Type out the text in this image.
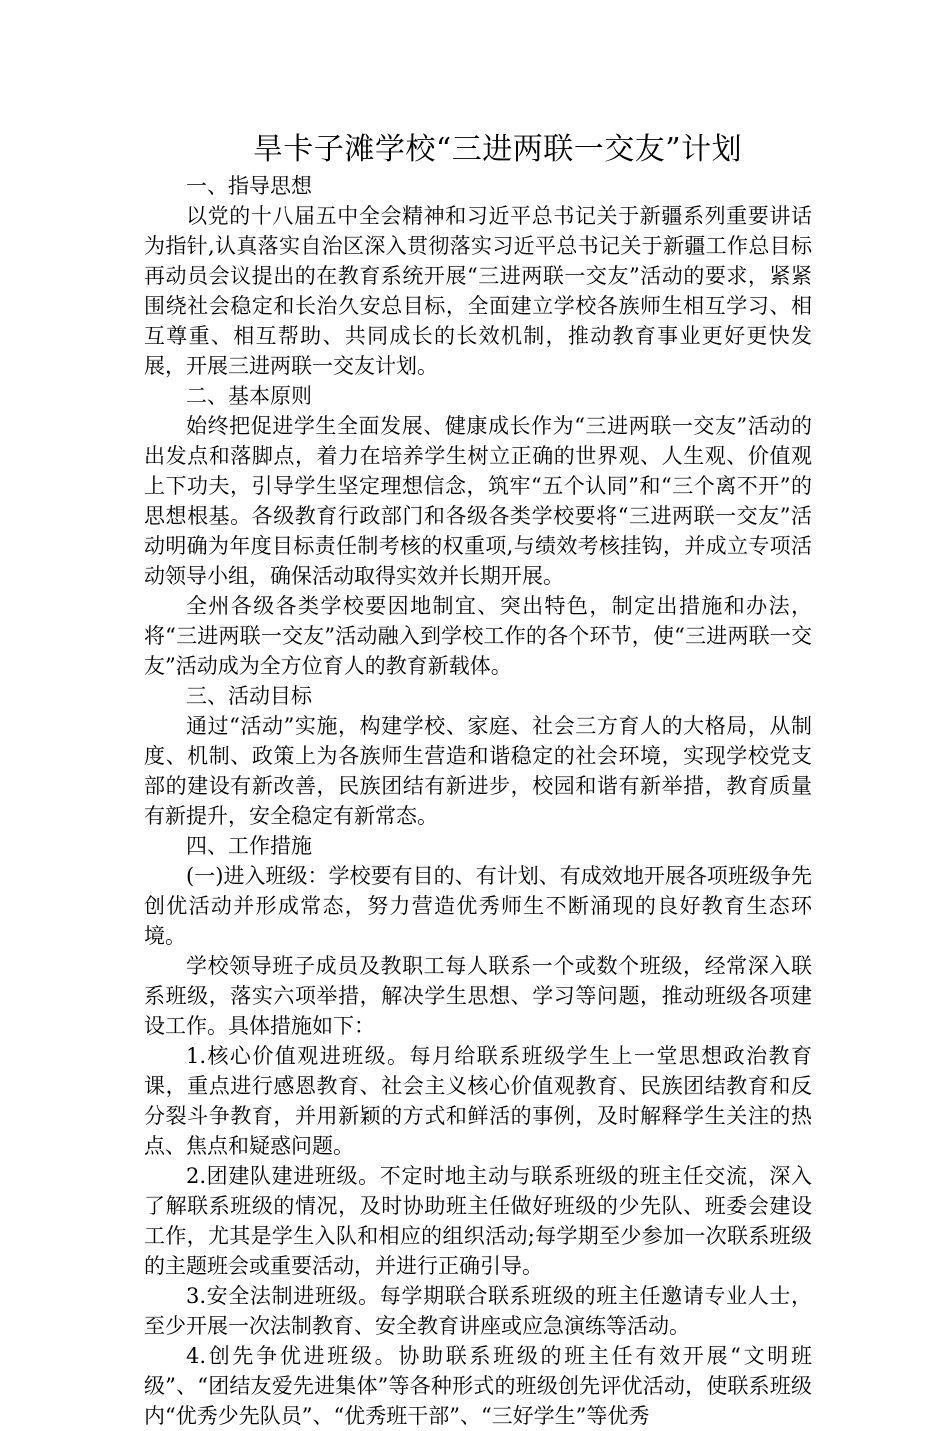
旱卡子滩学校“三进两联一交友”计划

一、指导思想

以党的十八届五中全会精神和习近平总书记关于新疆系列重要讲话为指针,认真落实自治区深入贯彻落实习近平总书记关于新疆工作总目标再动员会议提出的在教育系统开展“三进两联一交友”活动的要求，紧紧围绕社会稳定和长治久安总目标，全面建立学校各族师生相互学习、相互尊重、相互帮助、共同成长的长效机制，推动教育事业更好更快发展，开展三进两联一交友计划。

二、基本原则

始终把促进学生全面发展、健康成长作为“三进两联一交友”活动的出发点和落脚点，着力在培养学生树立正确的世界观、人生观、价值观上下功夫，引导学生坚定理想信念，筑牢“五个认同”和“三个离不开”的思想根基。各级教育行政部门和各级各类学校要将“三进两联一交友”活动明确为年度目标责任制考核的权重项,与绩效考核挂钩，并成立专项活动领导小组，确保活动取得实效并长期开展。

全州各级各类学校要因地制宜、突出特色，制定出措施和办法，将“三进两联一交友”活动融入到学校工作的各个环节，使“三进两联一交友”活动成为全方位育人的教育新载体。

三、活动目标

通过“活动”实施，构建学校、家庭、社会三方育人的大格局，从制度、机制、政策上为各族师生营造和谐稳定的社会环境，实现学校党支部的建设有新改善，民族团结有新进步，校园和谐有新举措，教育质量有新提升，安全稳定有新常态。

四、工作措施

(一)进入班级：学校要有目的、有计划、有成效地开展各项班级争先创优活动并形成常态，努力营造优秀师生不断涌现的良好教育生态环境。

学校领导班子成员及教职工每人联系一个或数个班级，经常深入联系班级，落实六项举措，解决学生思想、学习等问题，推动班级各项建设工作。具体措施如下：

1.核心价值观进班级。每月给联系班级学生上一堂思想政治教育课，重点进行感恩教育、社会主义核心价值观教育、民族团结教育和反分裂斗争教育，并用新颖的方式和鲜活的事例，及时解释学生关注的热点、焦点和疑惑问题。

2.团建队建进班级。不定时地主动与联系班级的班主任交流，深入了解联系班级的情况，及时协助班主任做好班级的少先队、班委会建设工作，尤其是学生入队和相应的组织活动;每学期至少参加一次联系班级的主题班会或重要活动，并进行正确引导。

3.安全法制进班级。每学期联合联系班级的班主任邀请专业人士，至少开展一次法制教育、安全教育讲座或应急演练等活动。

4.创先争优进班级。协助联系班级的班主任有效开展“文明班级”、“团结友爱先进集体”等各种形式的班级创先评优活动，使联系班级内“优秀少先队员”、“优秀班干部”、“三好学生”等优秀
